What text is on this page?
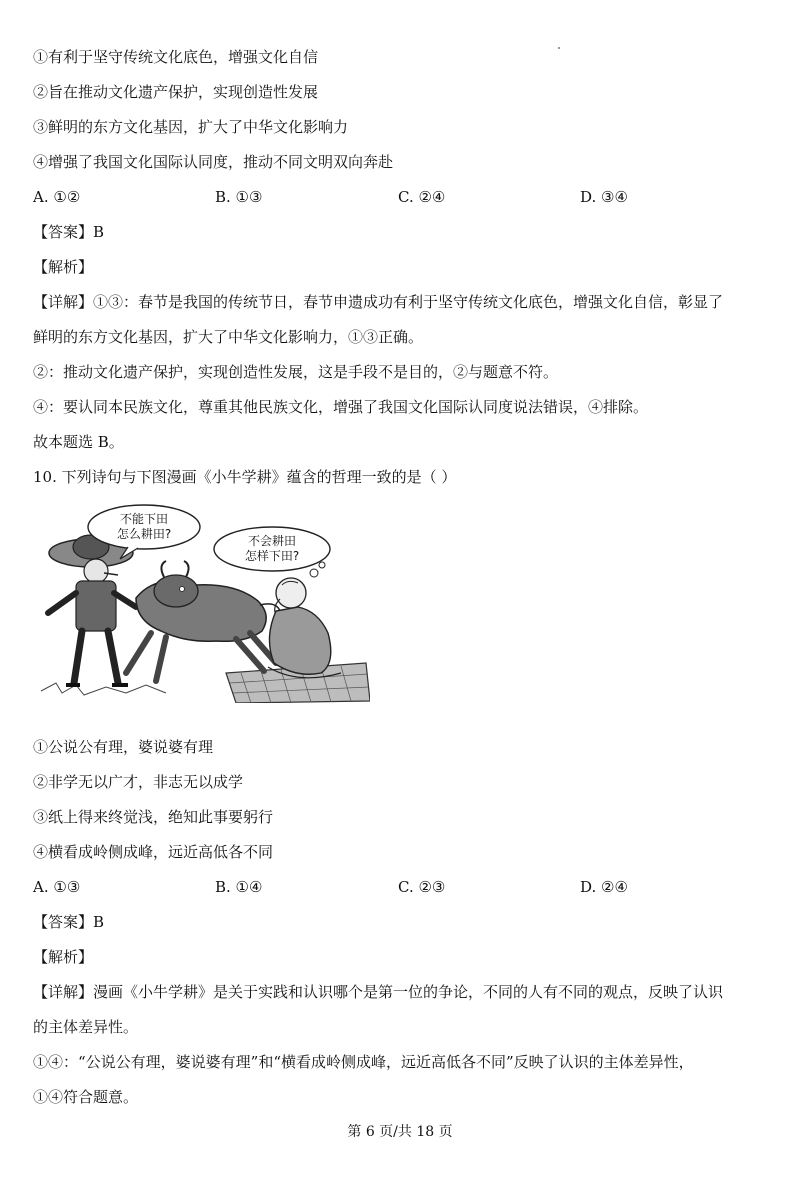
①有利于坚守传统文化底色，增强文化自信
②旨在推动文化遗产保护，实现创造性发展
③鲜明的东方文化基因，扩大了中华文化影响力
④增强了我国文化国际认同度，推动不同文明双向奔赴
A. ①②	B. ①③	C. ②④	D. ③④
【答案】B
【解析】
【详解】①③：春节是我国的传统节日，春节申遗成功有利于坚守传统文化底色，增强文化自信，彰显了
鲜明的东方文化基因，扩大了中华文化影响力，①③正确。
②：推动文化遗产保护，实现创造性发展，这是手段不是目的，②与题意不符。
④：要认同本民族文化，尊重其他民族文化，增强了我国文化国际认同度说法错误，④排除。
故本题选 B。
10. 下列诗句与下图漫画《小牛学耕》蕴含的哲理一致的是（ ）
不能下田
怎么耕田?	不会耕田
怎样下田?
①公说公有理，婆说婆有理
②非学无以广才，非志无以成学
③纸上得来终觉浅，绝知此事要躬行
④横看成岭侧成峰，远近高低各不同
A. ①③	B. ①④	C. ②③	D. ②④
【答案】B
【解析】
【详解】漫画《小牛学耕》是关于实践和认识哪个是第一位的争论，不同的人有不同的观点，反映了认识
的主体差异性。
①④：“公说公有理，婆说婆有理”和“横看成岭侧成峰，远近高低各不同”反映了认识的主体差异性，
①④符合题意。
第 6 页/共 18 页
